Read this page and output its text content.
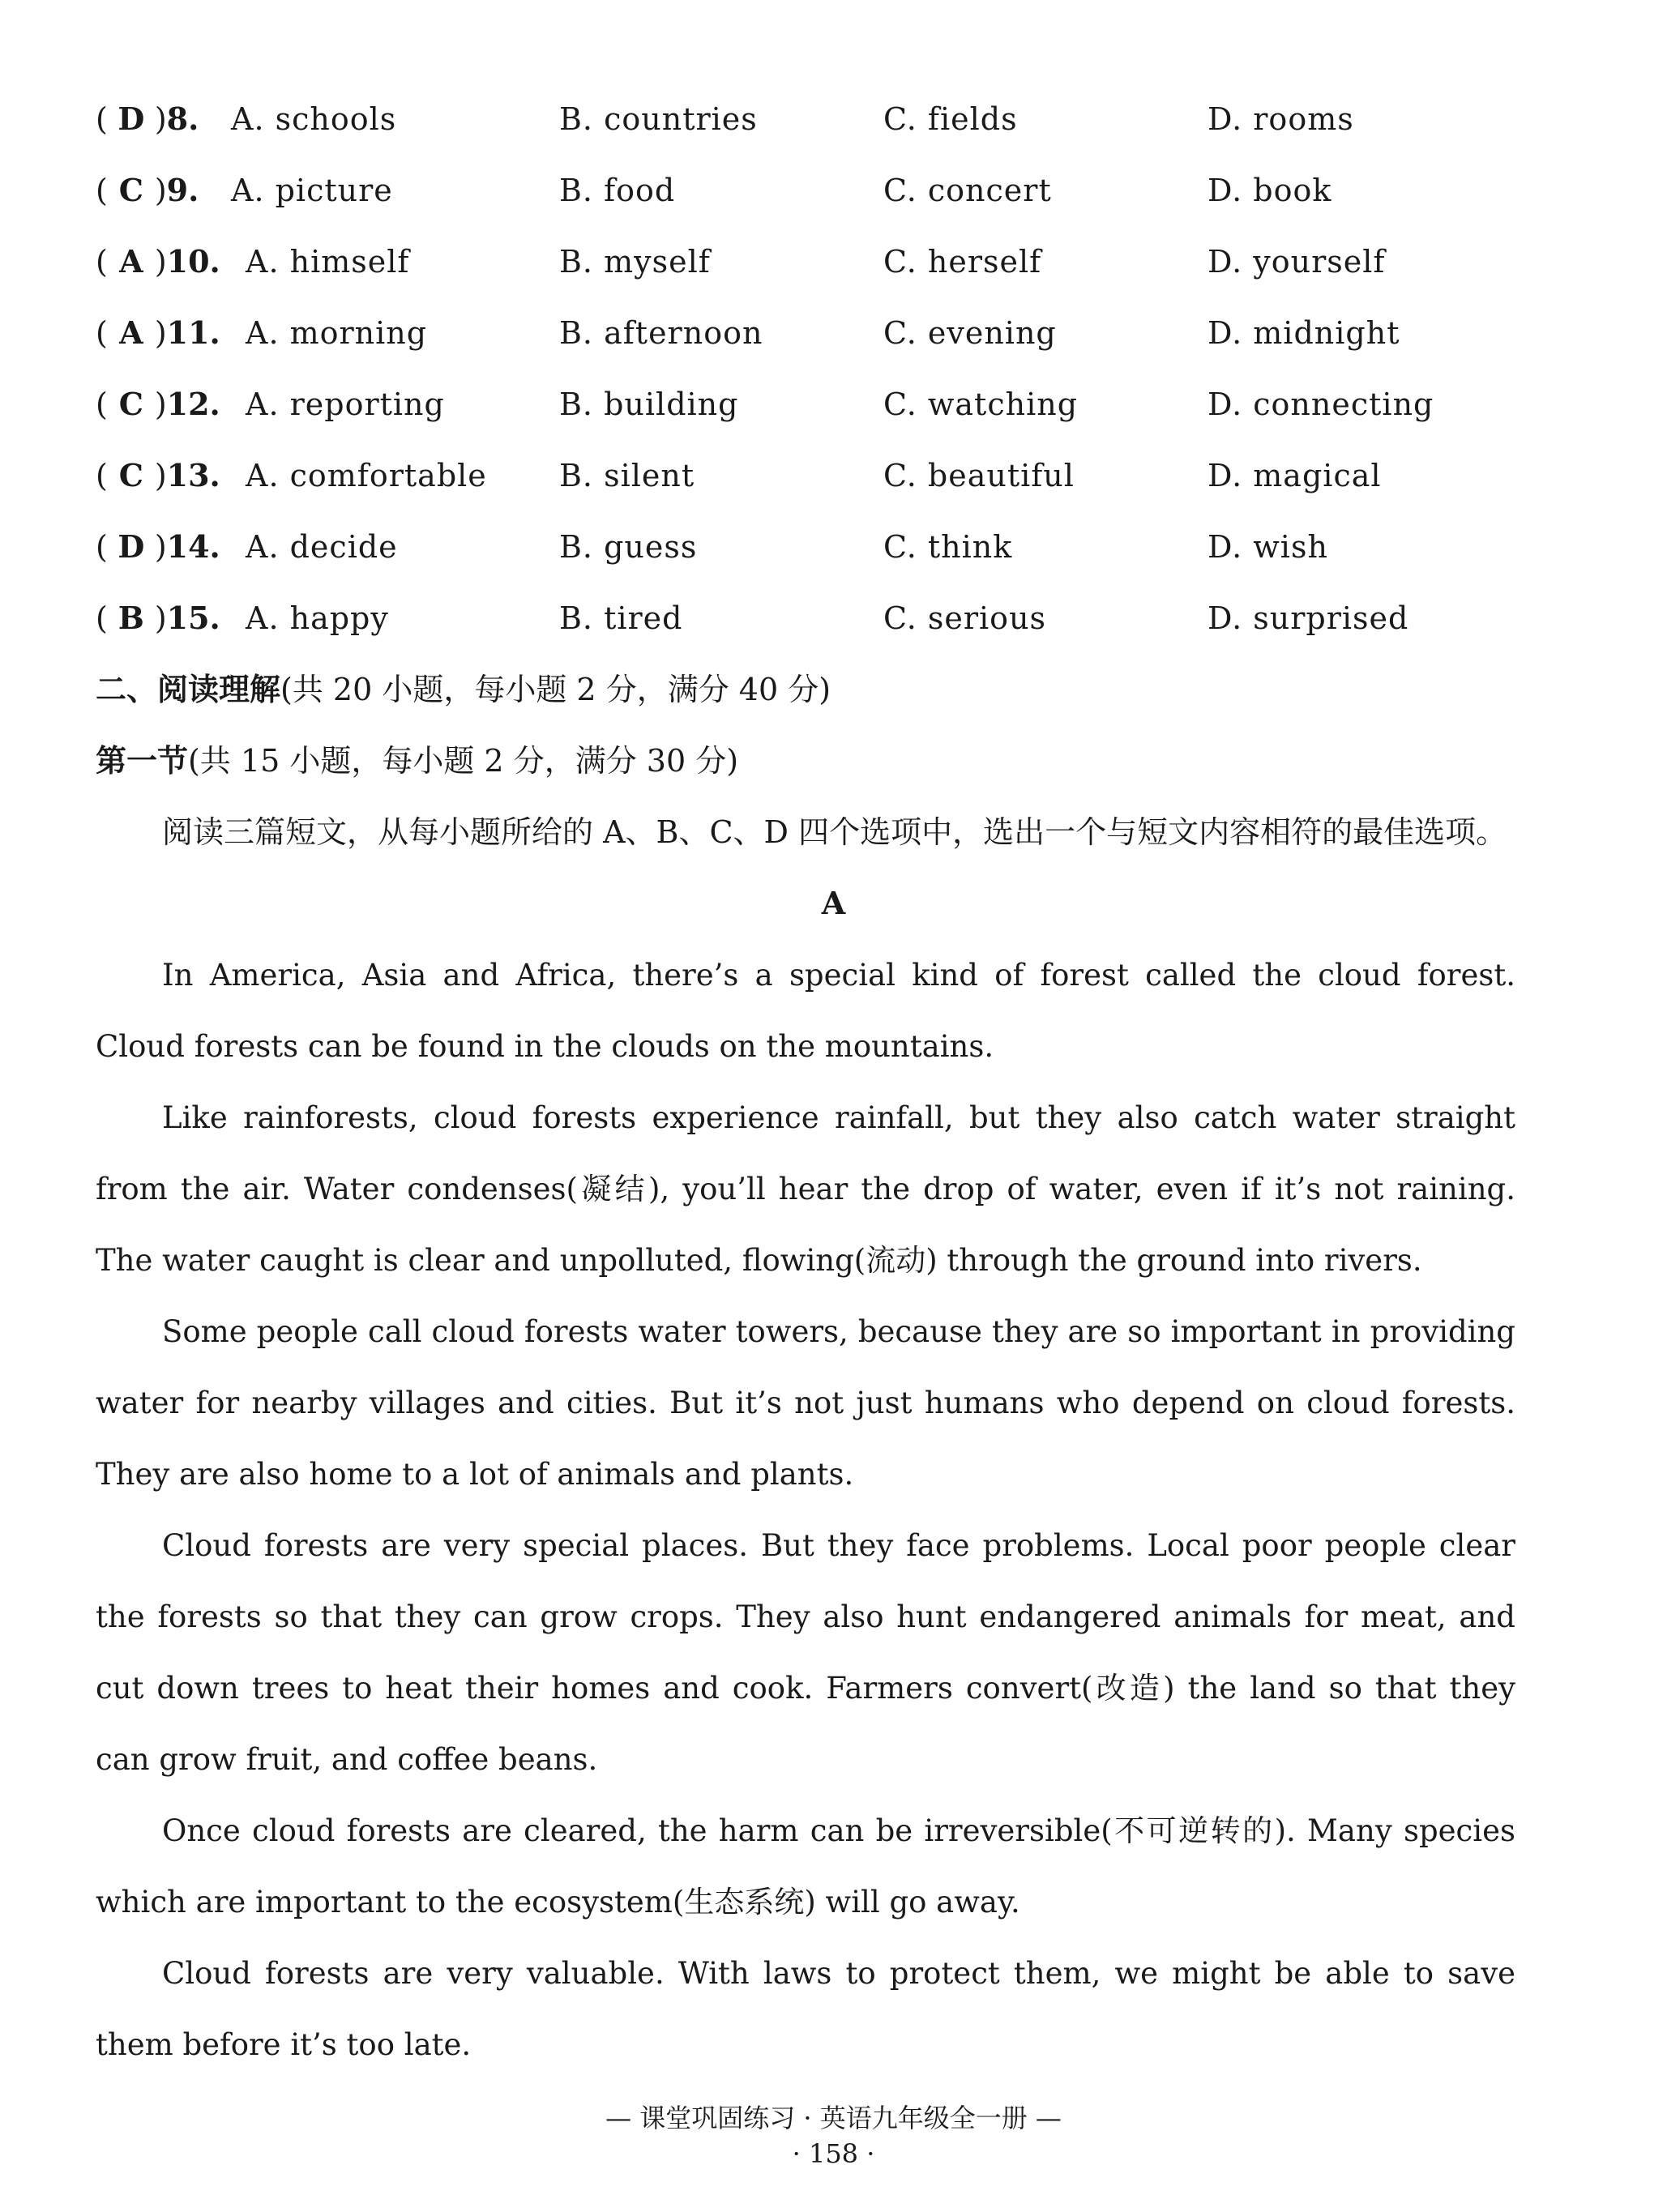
( D )8. A. schools	B. countries	C. fields	D. rooms
( C )9. A. picture	B. food	C. concert	D. book
( A )10. A. himself	B. myself	C. herself	D. yourself
( A )11. A. morning	B. afternoon	C. evening	D. midnight
( C )12. A. reporting	B. building	C. watching	D. connecting
( C )13. A. comfortable B. silent	C. beautiful	D. magical
( D )14. A. decide	B. guess	C. think	D. wish
( B )15. A. happy	B. tired	C. serious	D. surprised
二、阅读理解(共 20 小题，每小题 2 分，满分 40 分)
第一节(共 15 小题，每小题 2 分，满分 30 分)
阅读三篇短文，从每小题所给的 A、B、C、D 四个选项中，选出一个与短文内容相符的最佳选项。
A
In America, Asia and Africa, there’s a special kind of forest called the cloud forest. Cloud forests can be found in the clouds on the mountains.
Like rainforests, cloud forests experience rainfall, but they also catch water straight from the air. Water condenses(凝结), you’ll hear the drop of water, even if it’s not raining. The water caught is clear and unpolluted, flowing(流动) through the ground into rivers.
Some people call cloud forests water towers, because they are so important in providing water for nearby villages and cities. But it’s not just humans who depend on cloud forests. They are also home to a lot of animals and plants.
Cloud forests are very special places. But they face problems. Local poor people clear the forests so that they can grow crops. They also hunt endangered animals for meat, and cut down trees to heat their homes and cook. Farmers convert(改造) the land so that they can grow fruit, and coffee beans.
Once cloud forests are cleared, the harm can be irreversible(不可逆转的). Many species which are important to the ecosystem(生态系统) will go away.
Cloud forests are very valuable. With laws to protect them, we might be able to save them before it’s too late.
— 课堂巩固练习 · 英语九年级全一册 —
· 158 ·
